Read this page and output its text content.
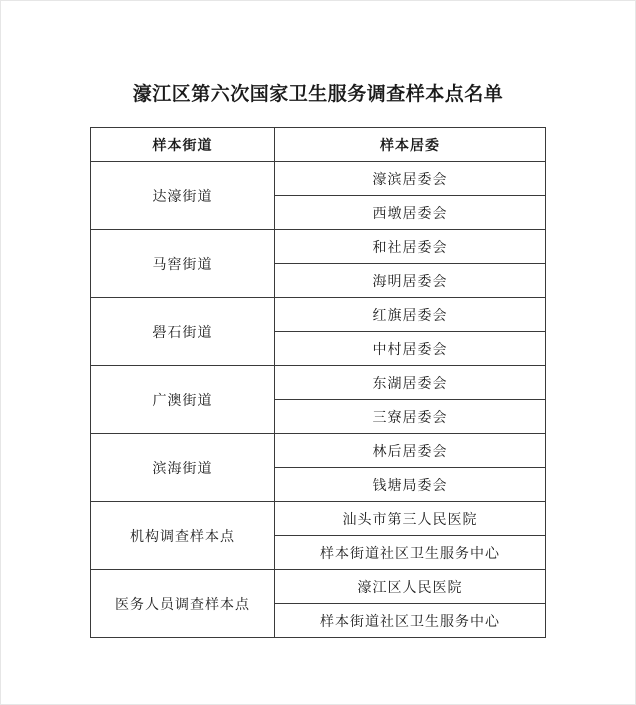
濠江区第六次国家卫生服务调查样本点名单
样本街道	样本居委
达濠街道	濠滨居委会
	西墩居委会
马窖街道	和社居委会
	海明居委会
礐石街道	红旗居委会
	中村居委会
广澳街道	东湖居委会
	三寮居委会
滨海街道	林后居委会
	钱塘局委会
机构调查样本点	汕头市第三人民医院
	样本街道社区卫生服务中心
医务人员调查样本点	濠江区人民医院
	样本街道社区卫生服务中心
